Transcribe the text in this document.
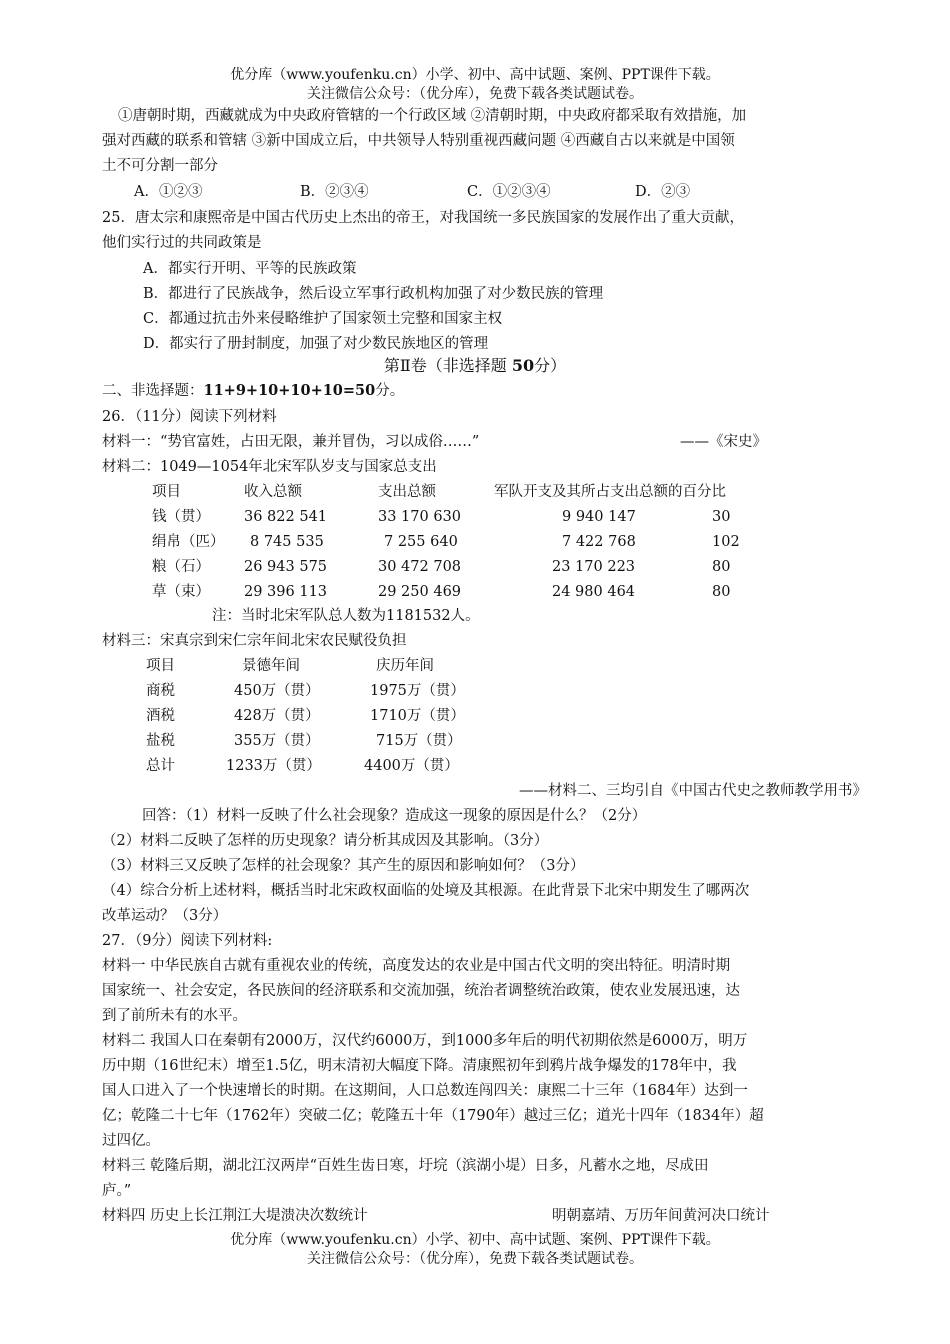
优分库（www.youfenku.cn）小学、初中、高中试题、案例、PPT课件下载。
关注微信公众号：（优分库），免费下载各类试题试卷。
①唐朝时期，西藏就成为中央政府管辖的一个行政区域 ②清朝时期，中央政府都采取有效措施，加
强对西藏的联系和管辖 ③新中国成立后，中共领导人特别重视西藏问题 ④西藏自古以来就是中国领
土不可分割一部分
A．①②③	B．②③④	C．①②③④	D．②③
25．唐太宗和康熙帝是中国古代历史上杰出的帝王，对我国统一多民族国家的发展作出了重大贡献，
他们实行过的共同政策是
A．都实行开明、平等的民族政策
B．都进行了民族战争，然后设立军事行政机构加强了对少数民族的管理
C．都通过抗击外来侵略维护了国家领土完整和国家主权
D．都实行了册封制度，加强了对少数民族地区的管理
第Ⅱ卷（非选择题 50分）
二、非选择题：11+9+10+10+10=50分。
26．（11分）阅读下列材料
材料一：“势官富姓，占田无限，兼并冒伪，习以成俗……”	——《宋史》
材料二：1049—1054年北宋军队岁支与国家总支出
项目	收入总额	支出总额	军队开支及其所占支出总额的百分比
钱（贯） 36 822 541	33 170 630	9 940 147	30
绢帛（匹） 8 745 535	7 255 640	7 422 768	102
粮（石） 26 943 575	30 472 708	23 170 223	80
草（束） 29 396 113	29 250 469	24 980 464	80
注：当时北宋军队总人数为1181532人。
材料三：宋真宗到宋仁宗年间北宋农民赋役负担
项目	景德年间	庆历年间
商税	450万（贯）	1975万（贯）
酒税	428万（贯）	1710万（贯）
盐税	355万（贯）	715万（贯）
总计	1233万（贯）	4400万（贯）
——材料二、三均引自《中国古代史之教师教学用书》
回答：（1）材料一反映了什么社会现象？造成这一现象的原因是什么？（2分）
（2）材料二反映了怎样的历史现象？请分析其成因及其影响。（3分）
（3）材料三又反映了怎样的社会现象？其产生的原因和影响如何？（3分）
（4）综合分析上述材料，概括当时北宋政权面临的处境及其根源。在此背景下北宋中期发生了哪两次
改革运动？（3分）
27．（9分）阅读下列材料:
材料一 中华民族自古就有重视农业的传统，高度发达的农业是中国古代文明的突出特征。明清时期
国家统一、社会安定，各民族间的经济联系和交流加强，统治者调整统治政策，使农业发展迅速，达
到了前所未有的水平。
材料二 我国人口在秦朝有2000万，汉代约6000万，到1000多年后的明代初期依然是6000万，明万
历中期（16世纪末）增至1.5亿，明末清初大幅度下降。清康熙初年到鸦片战争爆发的178年中，我
国人口进入了一个快速增长的时期。在这期间，人口总数连闯四关：康熙二十三年（1684年）达到一
亿；乾隆二十七年（1762年）突破二亿；乾隆五十年（1790年）越过三亿；道光十四年（1834年）超
过四亿。
材料三 乾隆后期，湖北江汉两岸“百姓生齿日寒，圩垸（滨湖小堤）日多，凡蓄水之地，尽成田
庐。”
材料四 历史上长江荆江大堤溃决次数统计	明朝嘉靖、万历年间黄河决口统计
优分库（www.youfenku.cn）小学、初中、高中试题、案例、PPT课件下载。
关注微信公众号：（优分库），免费下载各类试题试卷。
